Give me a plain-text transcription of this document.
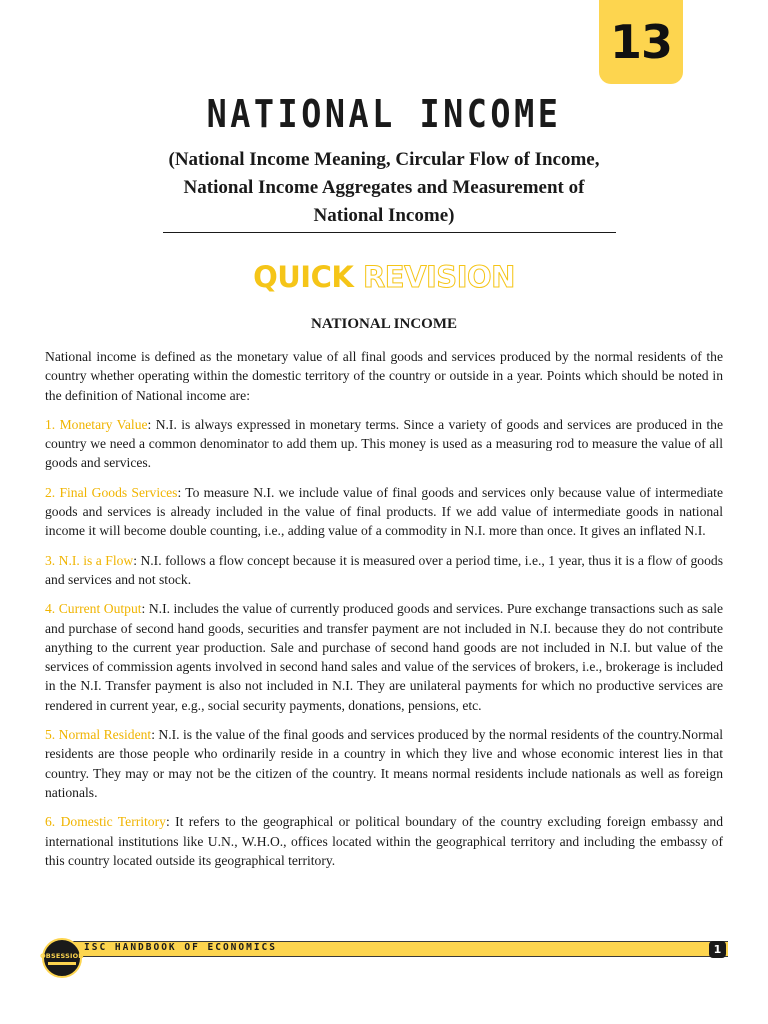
13
NATIONAL INCOME
(National Income Meaning, Circular Flow of Income, National Income Aggregates and Measurement of National Income)
QUICK REVISION
NATIONAL INCOME

National income is defined as the monetary value of all final goods and services produced by the normal residents of the country whether operating within the domestic territory of the country or outside in a year. Points which should be noted in the definition of National income are:

1. Monetary Value: N.I. is always expressed in monetary terms. Since a variety of goods and services are produced in the country we need a common denominator to add them up. This money is used as a measuring rod to measure the value of all goods and services.

2. Final Goods Services: To measure N.I. we include value of final goods and services only because value of intermediate goods and services is already included in the value of final products. If we add value of intermediate goods in national income it will become double counting, i.e., adding value of a commodity in N.I. more than once. It gives an inflated N.I.

3. N.I. is a Flow: N.I. follows a flow concept because it is measured over a period time, i.e., 1 year, thus it is a flow of goods and services and not stock.

4. Current Output: N.I. includes the value of currently produced goods and services. Pure exchange transactions such as sale and purchase of second hand goods, securities and transfer payment are not included in N.I. because they do not contribute anything to the current year production. Sale and purchase of second hand goods are not included in N.I. but value of the services of commission agents involved in second hand sales and value of the services of brokers, i.e., brokerage is included in the N.I. Transfer payment is also not included in N.I. They are unilateral payments for which no productive services are rendered in current year, e.g., social security payments, donations, pensions, etc.

5. Normal Resident: N.I. is the value of the final goods and services produced by the normal residents of the country.Normal residents are those people who ordinarily reside in a country in which they live and whose economic interest lies in that country. They may or may not be the citizen of the country. It means normal residents include nationals as well as foreign nationals.

6. Domestic Territory: It refers to the geographical or political boundary of the country excluding foreign embassy and international institutions like U.N., W.H.O., offices located within the geographical territory and including the embassy of this country located outside its geographical territory.

ISC HANDBOOK OF ECONOMICS
OBSESSION	1
